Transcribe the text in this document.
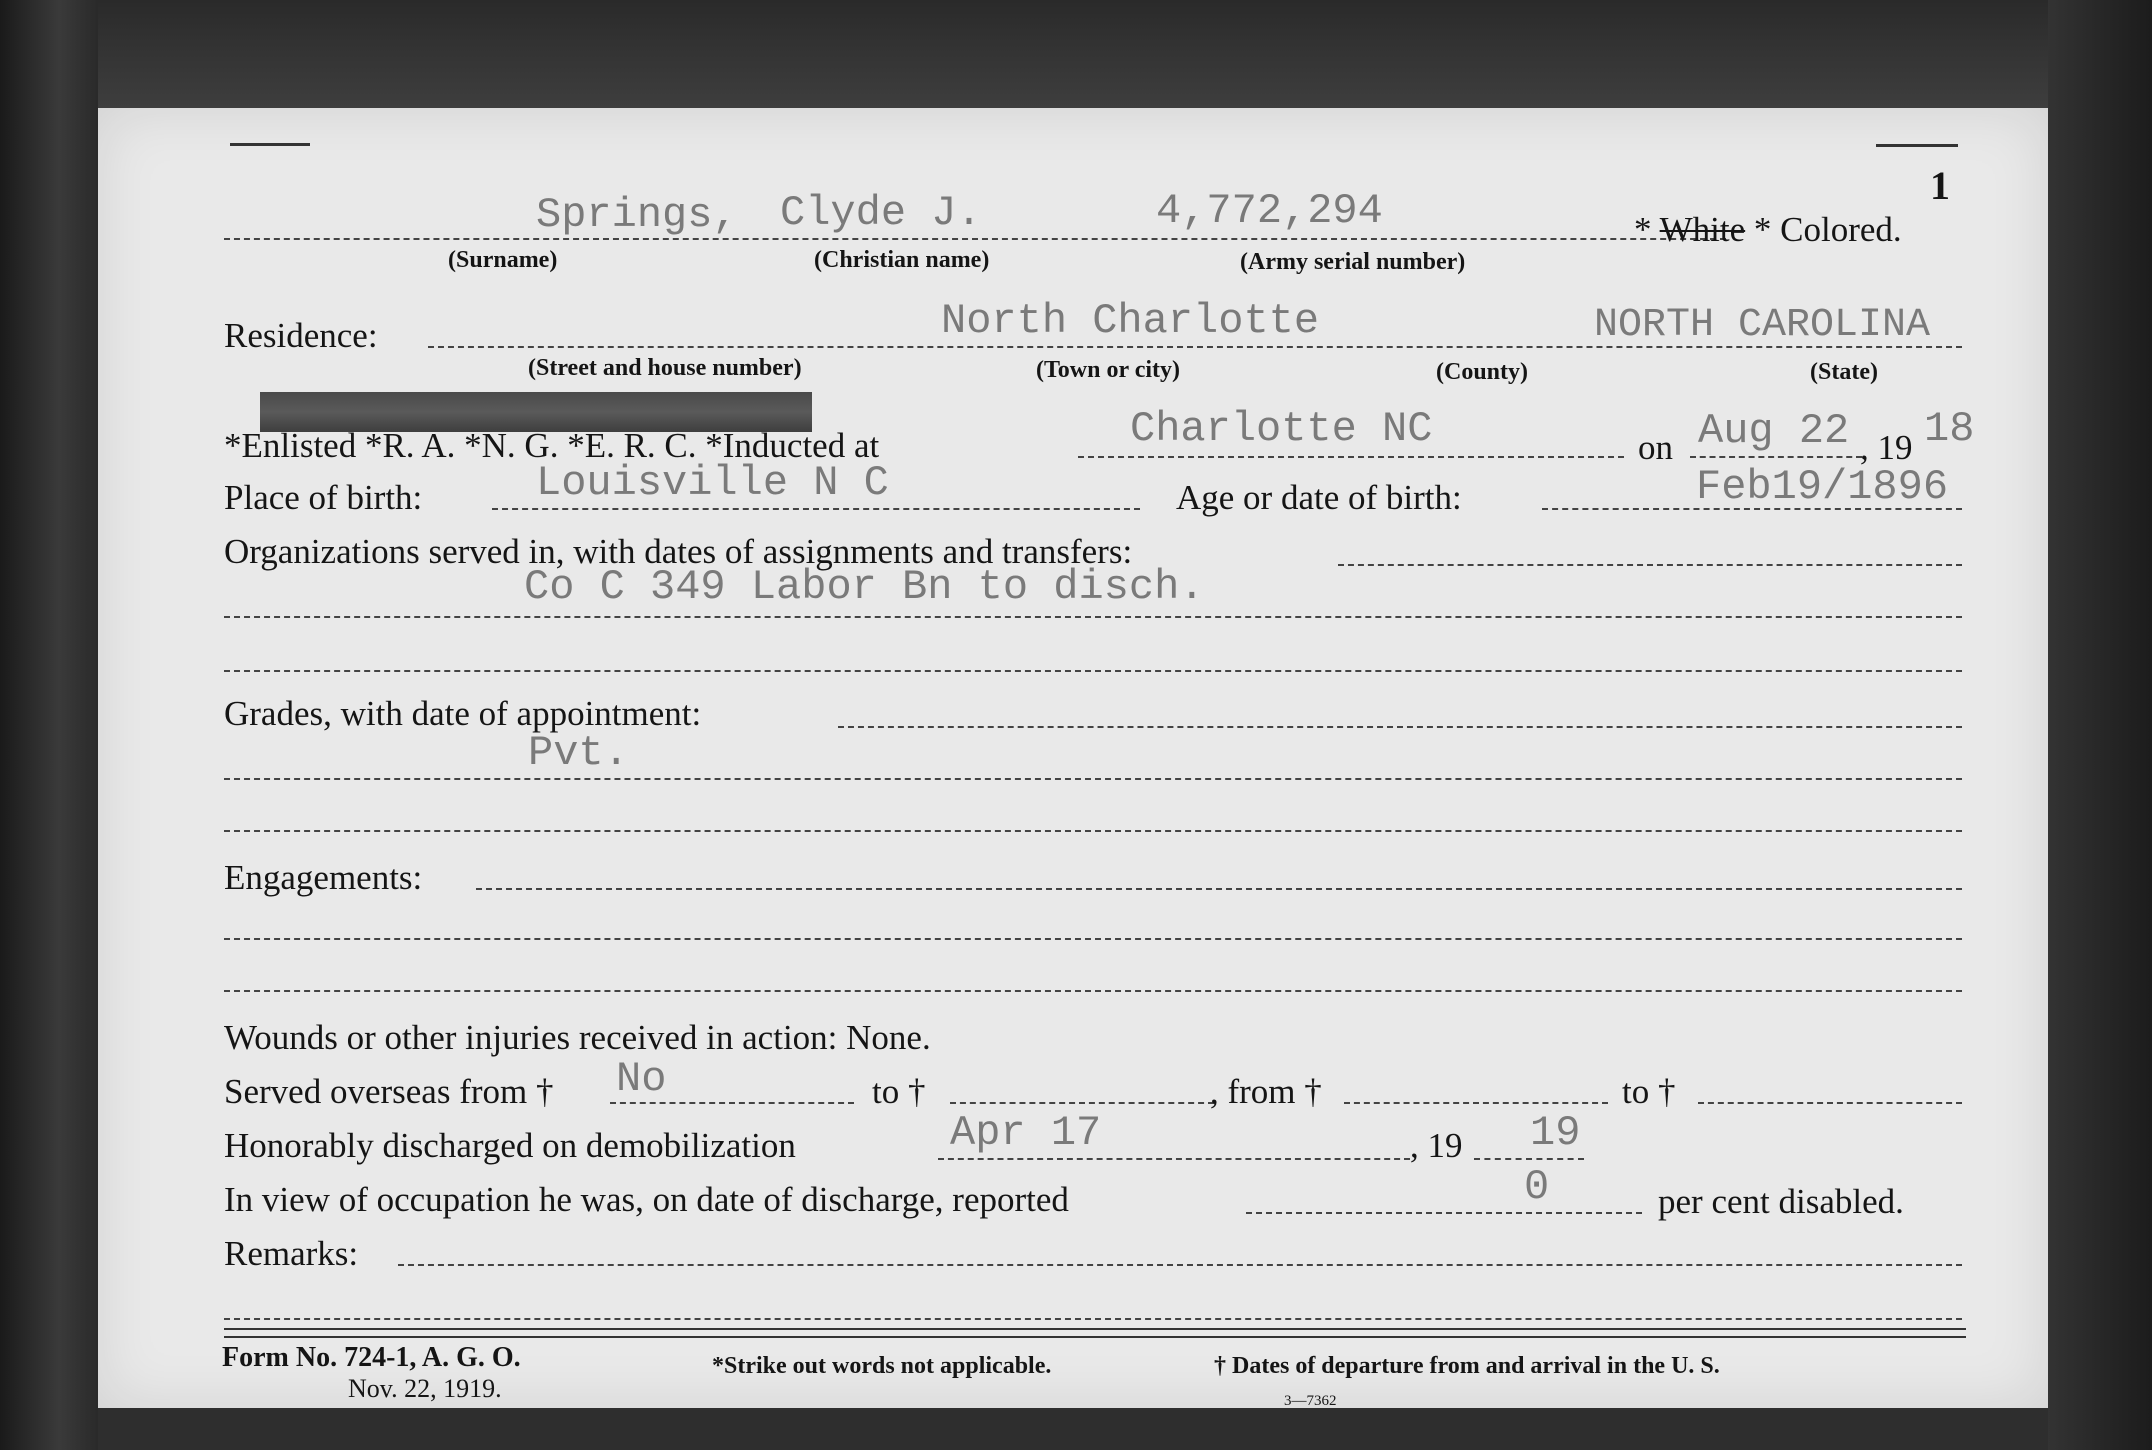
1
Springs, Clyde J.	4,772,294	* White * Colored.
(Surname)	(Christian name)	(Army serial number)
Residence:	North Charlotte	NORTH CAROLINA
(Street and house number)	(Town or city)	(County)	(State)
*Enlisted *R. A. *N. G. *E. R. C. *Inducted at	Charlotte NC	on Aug 22 , 19 18
Place of birth:	Louisville N C	Age or date of birth:	Feb19/1896
Organizations served in, with dates of assignments and transfers:
Co C 349 Labor Bn to disch.
Grades, with date of appointment:
Pvt.
Engagements:
Wounds or other injuries received in action: None.
Served overseas from † No	to †	, from †	to †
Honorably discharged on demobilization	Apr 17	, 19 19
In view of occupation he was, on date of discharge, reported	0	per cent disabled.
Remarks:
Form No. 724-1, A. G. O.
Nov. 22, 1919.
*Strike out words not applicable.	† Dates of departure from and arrival in the U. S.
3—7362
